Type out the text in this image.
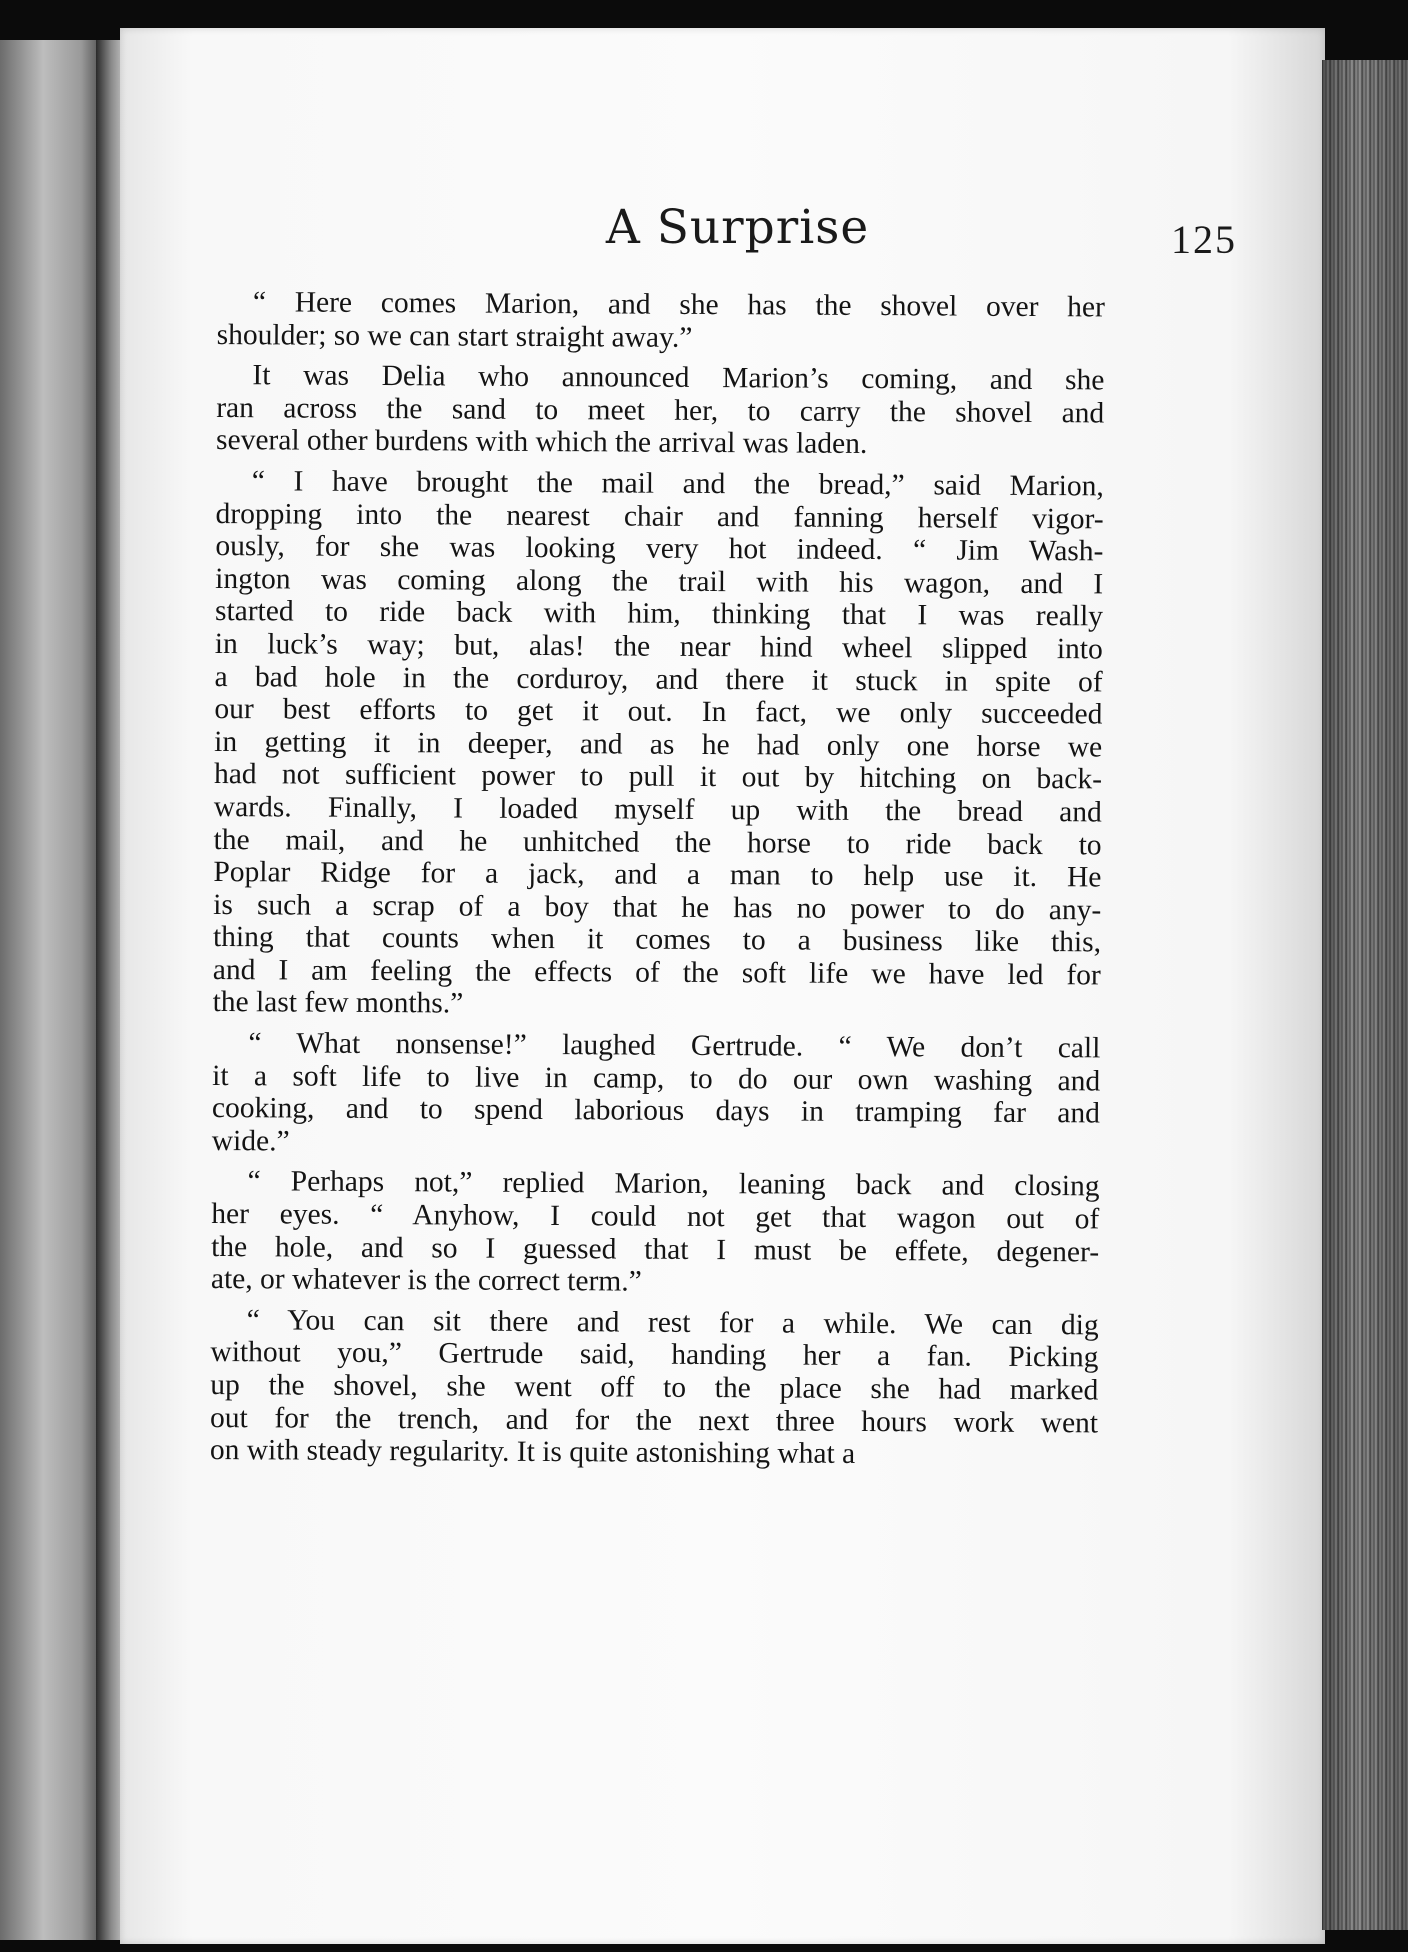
A Surprise	125
“ Here comes Marion, and she has the shovel over her
shoulder; so we can start straight away.”
It was Delia who announced Marion’s coming, and she
ran across the sand to meet her, to carry the shovel and
several other burdens with which the arrival was laden.
“ I have brought the mail and the bread,” said Marion,
dropping into the nearest chair and fanning herself vigor-
ously, for she was looking very hot indeed. “ Jim Wash-
ington was coming along the trail with his wagon, and I
started to ride back with him, thinking that I was really
in luck’s way; but, alas! the near hind wheel slipped into
a bad hole in the corduroy, and there it stuck in spite of
our best efforts to get it out. In fact, we only succeeded
in getting it in deeper, and as he had only one horse we
had not sufficient power to pull it out by hitching on back-
wards. Finally, I loaded myself up with the bread and
the mail, and he unhitched the horse to ride back to
Poplar Ridge for a jack, and a man to help use it. He
is such a scrap of a boy that he has no power to do any-
thing that counts when it comes to a business like this,
and I am feeling the effects of the soft life we have led for
the last few months.”
“ What nonsense!” laughed Gertrude. “ We don’t call
it a soft life to live in camp, to do our own washing and
cooking, and to spend laborious days in tramping far and
wide.”
“ Perhaps not,” replied Marion, leaning back and closing
her eyes. “ Anyhow, I could not get that wagon out of
the hole, and so I guessed that I must be effete, degener-
ate, or whatever is the correct term.”
“ You can sit there and rest for a while. We can dig
without you,” Gertrude said, handing her a fan. Picking
up the shovel, she went off to the place she had marked
out for the trench, and for the next three hours work went
on with steady regularity. It is quite astonishing what a
